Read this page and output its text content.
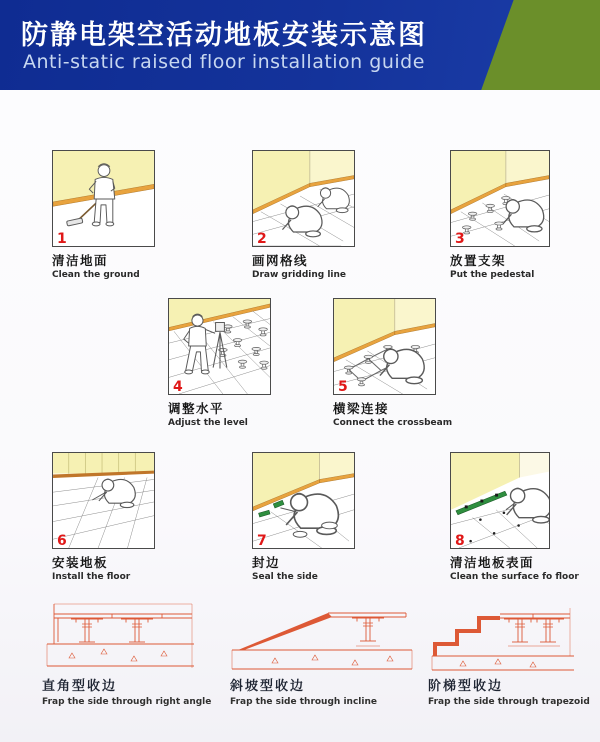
防静电架空活动地板安装示意图
Anti-static raised floor installation guide
1
清洁地面
Clean the ground
2
画网格线
Draw gridding line
3
放置支架
Put the pedestal
4
调整水平
Adjust the level
5
横梁连接
Connect the crossbeam
6
安装地板
Install the floor
7
封边
Seal the side
8
清洁地板表面
Clean the surface fo floor
直角型收边
Frap the side through right angle
斜坡型收边
Frap the side through incline
阶梯型收边
Frap the side through trapezoid
